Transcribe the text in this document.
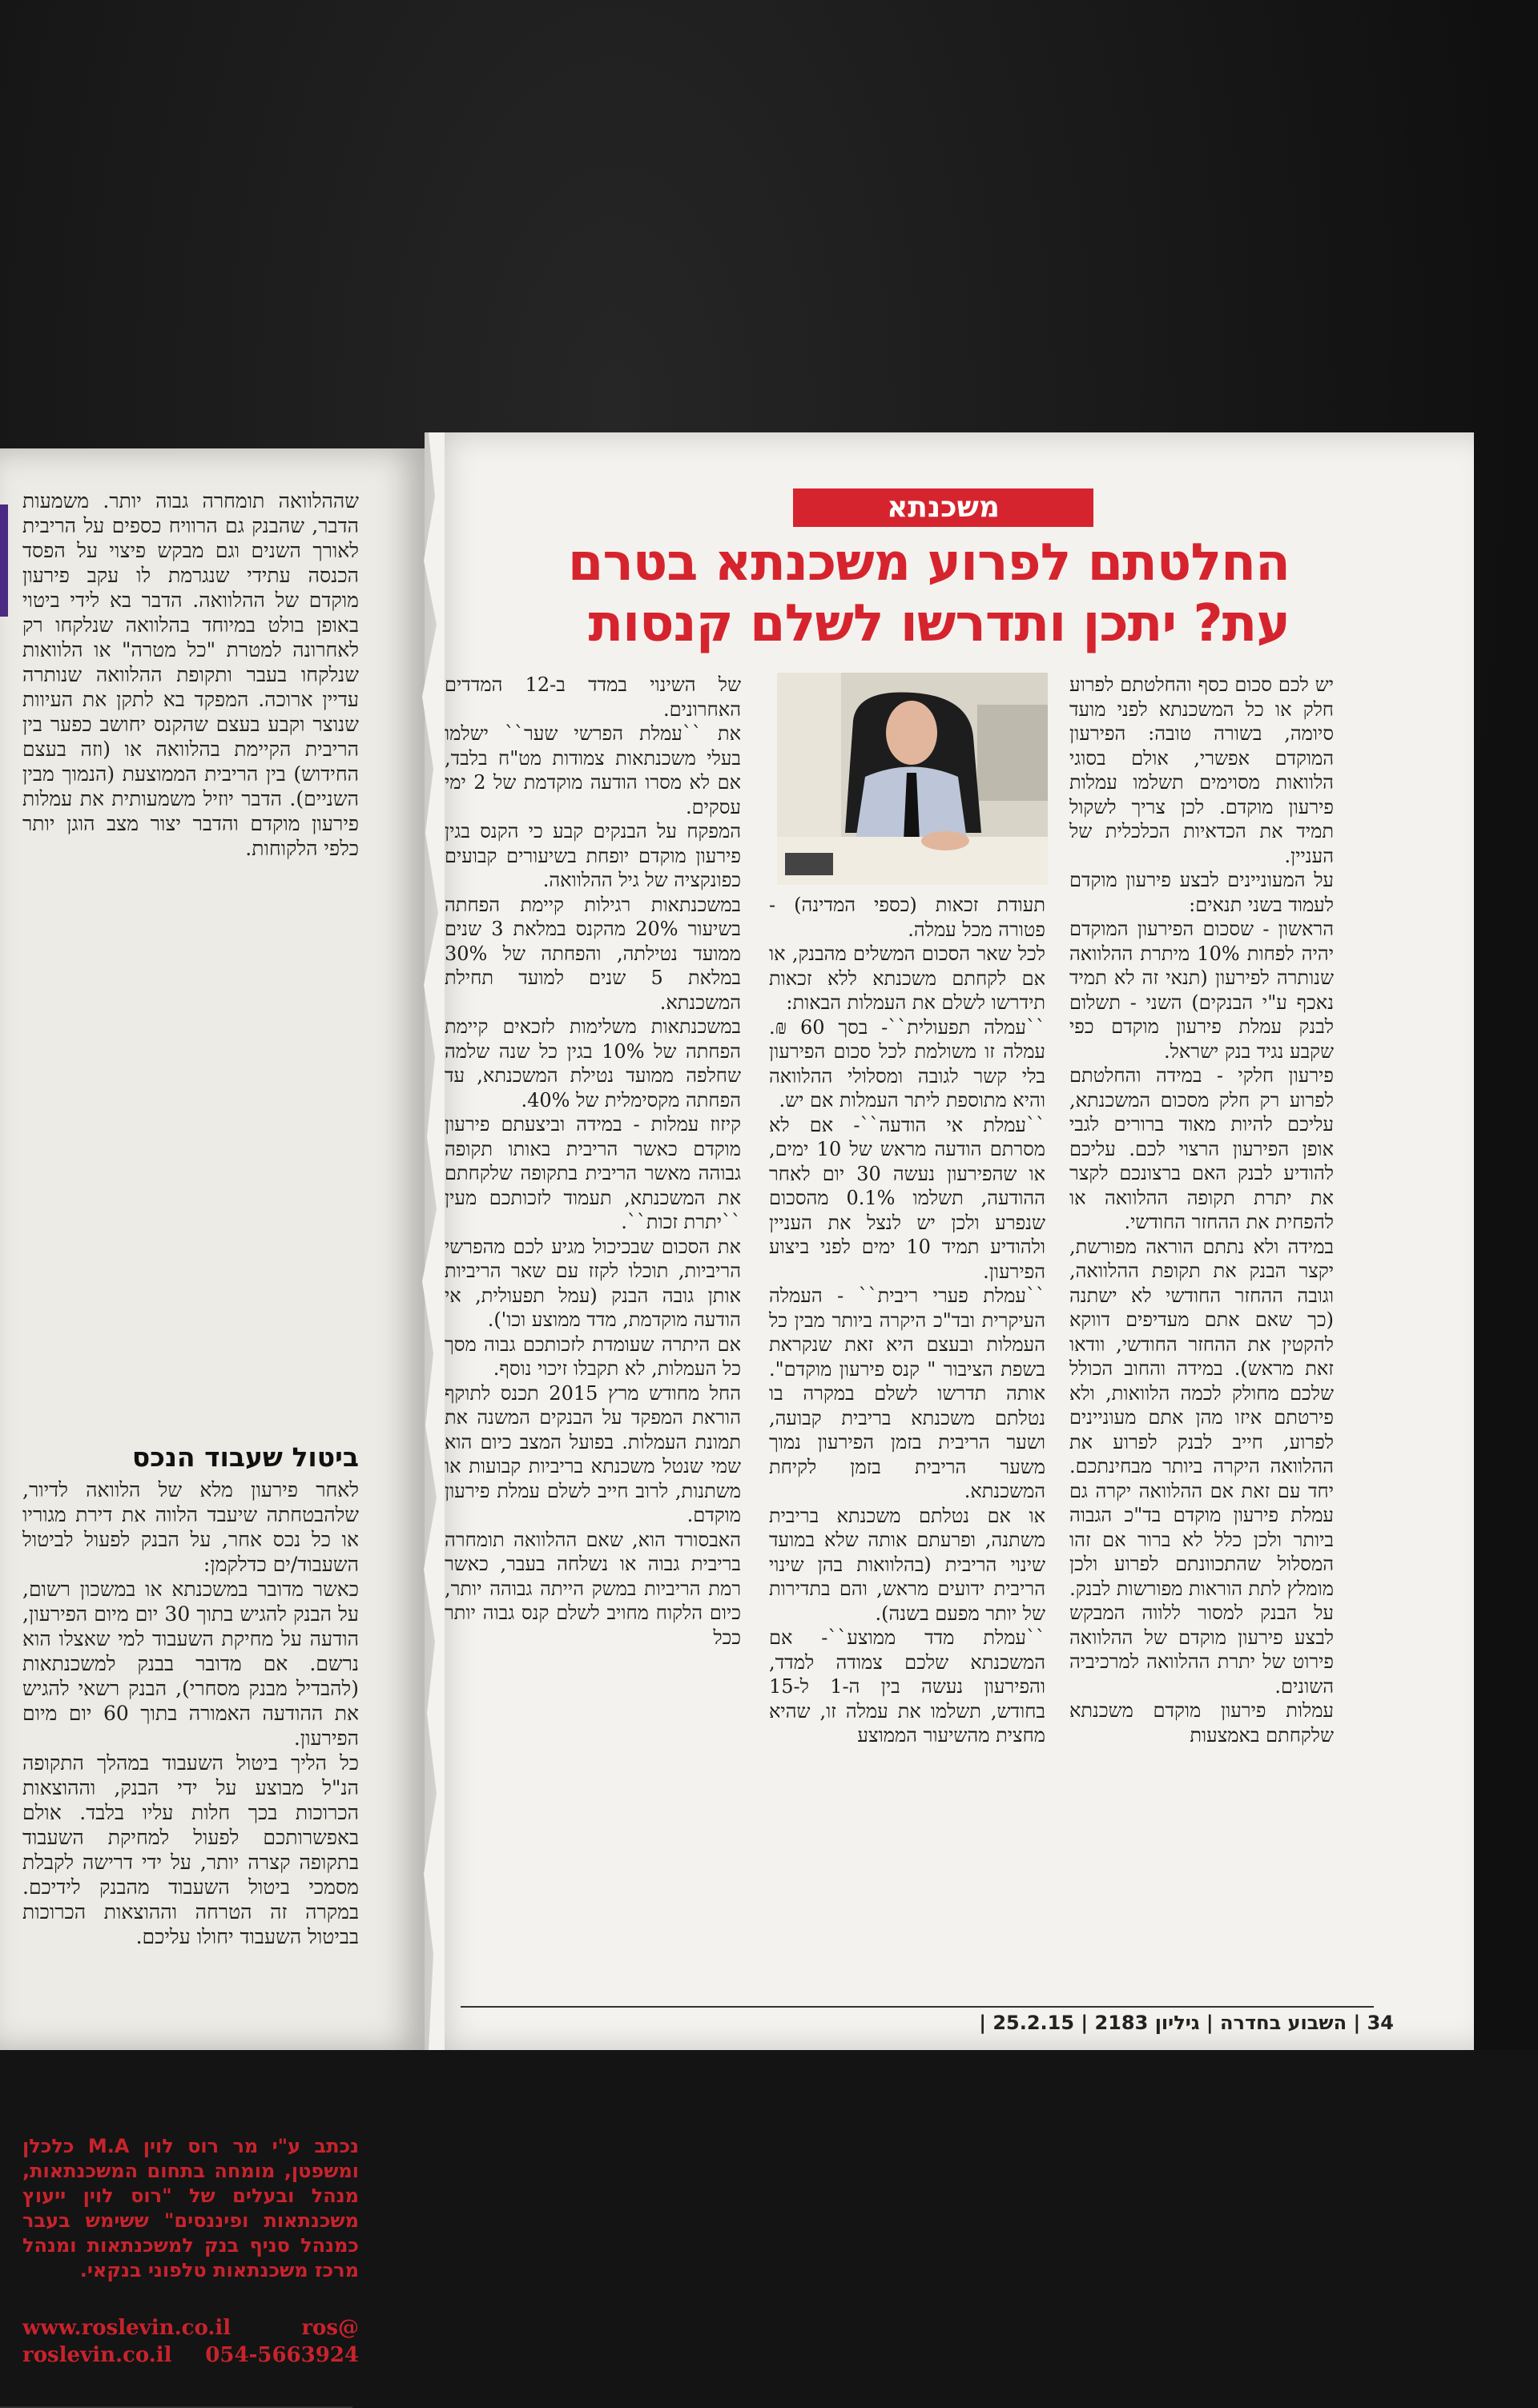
שההלוואה תומחרה גבוה יותר. משמעות הדבר, שהבנק גם הרוויח כספים על הריבית לאורך השנים וגם מבקש פיצוי על הפסד הכנסה עתידי שנגרמת לו עקב פירעון מוקדם של ההלוואה. הדבר בא לידי ביטוי באופן בולט במיוחד בהלוואה שנלקחו רק לאחרונה למטרת "כל מטרה" או הלוואות שנלקחו בעבר ותקופת ההלוואה שנותרה עדיין ארוכה. המפקד בא לתקן את העיוות שנוצר וקבע בעצם שהקנס יחושב כפער בין הריבית הקיימת בהלוואה או (וזה בעצם החידוש) בין הריבית הממוצעת (הנמוך מבין השניים). הדבר יוזיל משמעותית את עמלות פירעון מוקדם והדבר יצור מצב הוגן יותר כלפי הלקוחות.
ביטול שעבוד הנכס
לאחר פירעון מלא של הלוואה לדיור, שלהבטחתה שיעבד הלווה את דירת מגוריו או כל נכס אחר, על הבנק לפעול לביטול השעבוד/ים כדלקמן:
כאשר מדובר במשכנתא או במשכון רשום, על הבנק להגיש בתוך 30 יום מיום הפירעון, הודעה על מחיקת השעבוד למי שאצלו הוא נרשם. אם מדובר בבנק למשכנתאות (להבדיל מבנק מסחרי), הבנק רשאי להגיש את ההודעה האמורה בתוך 60 יום מיום הפירעון.
כל הליך ביטול השעבוד במהלך התקופה הנ"ל מבוצע על ידי הבנק, וההוצאות הכרוכות בכך חלות עליו בלבד. אולם באפשרותכם לפעול למחיקת השעבוד בתקופה קצרה יותר, על ידי דרישה לקבלת מסמכי ביטול השעבוד מהבנק לידיכם. במקרה זה הטרחה וההוצאות הכרוכות בביטול השעבוד יחולו עליכם.
נכתב ע"י מר רוס לוין M.A כלכלן ומשפטן, מומחה בתחום המשכנתאות, מנהל ובעלים של "רוס לוין ייעוץ משכנתאות ופיננסים" ששימש בעבר כמנהל סניף בנק למשכנתאות ומנהל מרכז משכנתאות טלפוני בנקאי.
www.roslevin.co.il	ros@
roslevin.co.il 054-5663924
משכנתא
החלטתם לפרוע משכנתא בטרם עת? יתכן ותדרשו לשלם קנסות
יש לכם סכום כסף והחלטתם לפרוע חלק או כל המשכנתא לפני מועד סיומה, בשורה טובה: הפירעון המוקדם אפשרי, אולם בסוגי הלוואות מסוימים תשלמו עמלות פירעון מוקדם. לכן צריך לשקול תמיד את הכדאיות הכלכלית של העניין.
על המעוניינים לבצע פירעון מוקדם לעמוד בשני תנאים:
הראשון - שסכום הפירעון המוקדם יהיה לפחות 10% מיתרת ההלוואה שנותרה לפירעון (תנאי זה לא תמיד נאכף ע"י הבנקים) השני - תשלום לבנק עמלת פירעון מוקדם כפי שקבע נגיד בנק ישראל.
פירעון חלקי - במידה והחלטתם לפרוע רק חלק מסכום המשכנתא, עליכם להיות מאוד ברורים לגבי אופן הפירעון הרצוי לכם. עליכם להודיע לבנק האם ברצונכם לקצר את יתרת תקופה ההלוואה או להפחית את ההחזר החודשי.
במידה ולא נתתם הוראה מפורשת, יקצר הבנק את תקופת ההלוואה, וגובה ההחזר החודשי לא ישתנה (כך שאם אתם מעדיפים דווקא להקטין את ההחזר החודשי, וודאו זאת מראש). במידה והחוב הכולל שלכם מחולק לכמה הלוואות, ולא פירטתם איזו מהן אתם מעוניינים לפרוע, חייב לבנק לפרוע את ההלוואה היקרה ביותר מבחינתכם. יחד עם זאת אם ההלוואה יקרה גם עמלת פירעון מוקדם בד"כ הגבוה ביותר ולכן כלל לא ברור אם זהו המסלול שהתכוונתם לפרוע ולכן מומלץ לתת הוראות מפורשות לבנק.
על הבנק למסור ללווה המבקש לבצע פירעון מוקדם של ההלוואה פירוט של יתרת ההלוואה למרכיביה השונים.
עמלות פירעון מוקדם משכנתא שלקחתם באמצעות
תעודת זכאות (כספי המדינה) - פטורה מכל עמלה.
לכל שאר הסכום המשלים מהבנק, או אם לקחתם משכנתא ללא זכאות תידרשו לשלם את העמלות הבאות:
``עמלה תפעולית``- בסך 60 ₪. עמלה זו משולמת לכל סכום הפירעון בלי קשר לגובה ומסלולי ההלוואה והיא מתוספת ליתר העמלות אם יש.
``עמלת אי הודעה``- אם לא מסרתם הודעה מראש של 10 ימים, או שהפירעון נעשה 30 יום לאחר ההודעה, תשלמו 0.1% מהסכום שנפרע ולכן יש לנצל את העניין ולהודיע תמיד 10 ימים לפני ביצוע הפירעון.
``עמלת פערי ריבית`` - העמלה העיקרית ובד"כ היקרה ביותר מבין כל העמלות ובעצם היא זאת שנקראת בשפת הציבור " קנס פירעון מוקדם". אותה תדרשו לשלם במקרה בו נטלתם משכנתא בריבית קבועה, ושער הריבית בזמן הפירעון נמוך משער הריבית בזמן לקיחת המשכנתא.
או אם נטלתם משכנתא בריבית משתנה, ופרעתם אותה שלא במועד שינוי הריבית (בהלוואות בהן שינוי הריבית ידועים מראש, והם בתדירות של יותר מפעם בשנה).
``עמלת מדד ממוצע``- אם המשכנתא שלכם צמודה למדד, והפירעון נעשה בין ה-1 ל-15 בחודש, תשלמו את עמלה זו, שהיא מחצית מהשיעור הממוצע
של השינוי במדד ב-12 המדדים האחרונים.
את ``עמלת הפרשי שער`` ישלמו בעלי משכנתאות צמודות מט"ח בלבד, אם לא מסרו הודעה מוקדמת של 2 ימי עסקים.
המפקח על הבנקים קבע כי הקנס בגין פירעון מוקדם יופחת בשיעורים קבועים כפונקציה של גיל ההלוואה.
במשכנתאות רגילות קיימת הפחתה בשיעור 20% מהקנס במלאת 3 שנים ממועד נטילתה, והפחתה של 30% במלאת 5 שנים למועד תחילת המשכנתא.
במשכנתאות משלימות לזכאים קיימת הפחתה של 10% בגין כל שנה שלמה שחלפה ממועד נטילת המשכנתא, עד הפחתה מקסימלית של 40%.
קיזוז עמלות - במידה וביצעתם פירעון מוקדם כאשר הריבית באותו תקופה גבוהה מאשר הריבית בתקופה שלקחתם את המשכנתא, תעמוד לזכותכם מעין ``יתרת זכות``.
את הסכום שבכיכול מגיע לכם מהפרשי הריביות, תוכלו לקזז עם שאר הריביות אותן גובה הבנק (עמל תפעולית, אי הודעה מוקדמת, מדד ממוצע וכו').
אם היתרה שעומדת לזכותכם גבוה מסך כל העמלות, לא תקבלו זיכוי נוסף.
החל מחודש מרץ 2015 תכנס לתוקף הוראת המפקד על הבנקים המשנה את תמונת העמלות. בפועל המצב כיום הוא שמי שנטל משכנתא בריביות קבועות או משתנות, לרוב חייב לשלם עמלת פירעון מוקדם.
האבסורד הוא, שאם ההלוואה תומחרה בריבית גבוה או נשלחה בעבר, כאשר רמת הריביות במשק הייתה גבוהה יותר, כיום הלקוח מחויב לשלם קנס גבוה יותר ככל
34 | השבוע בחדרה | גיליון 2183 | 25.2.15 |
